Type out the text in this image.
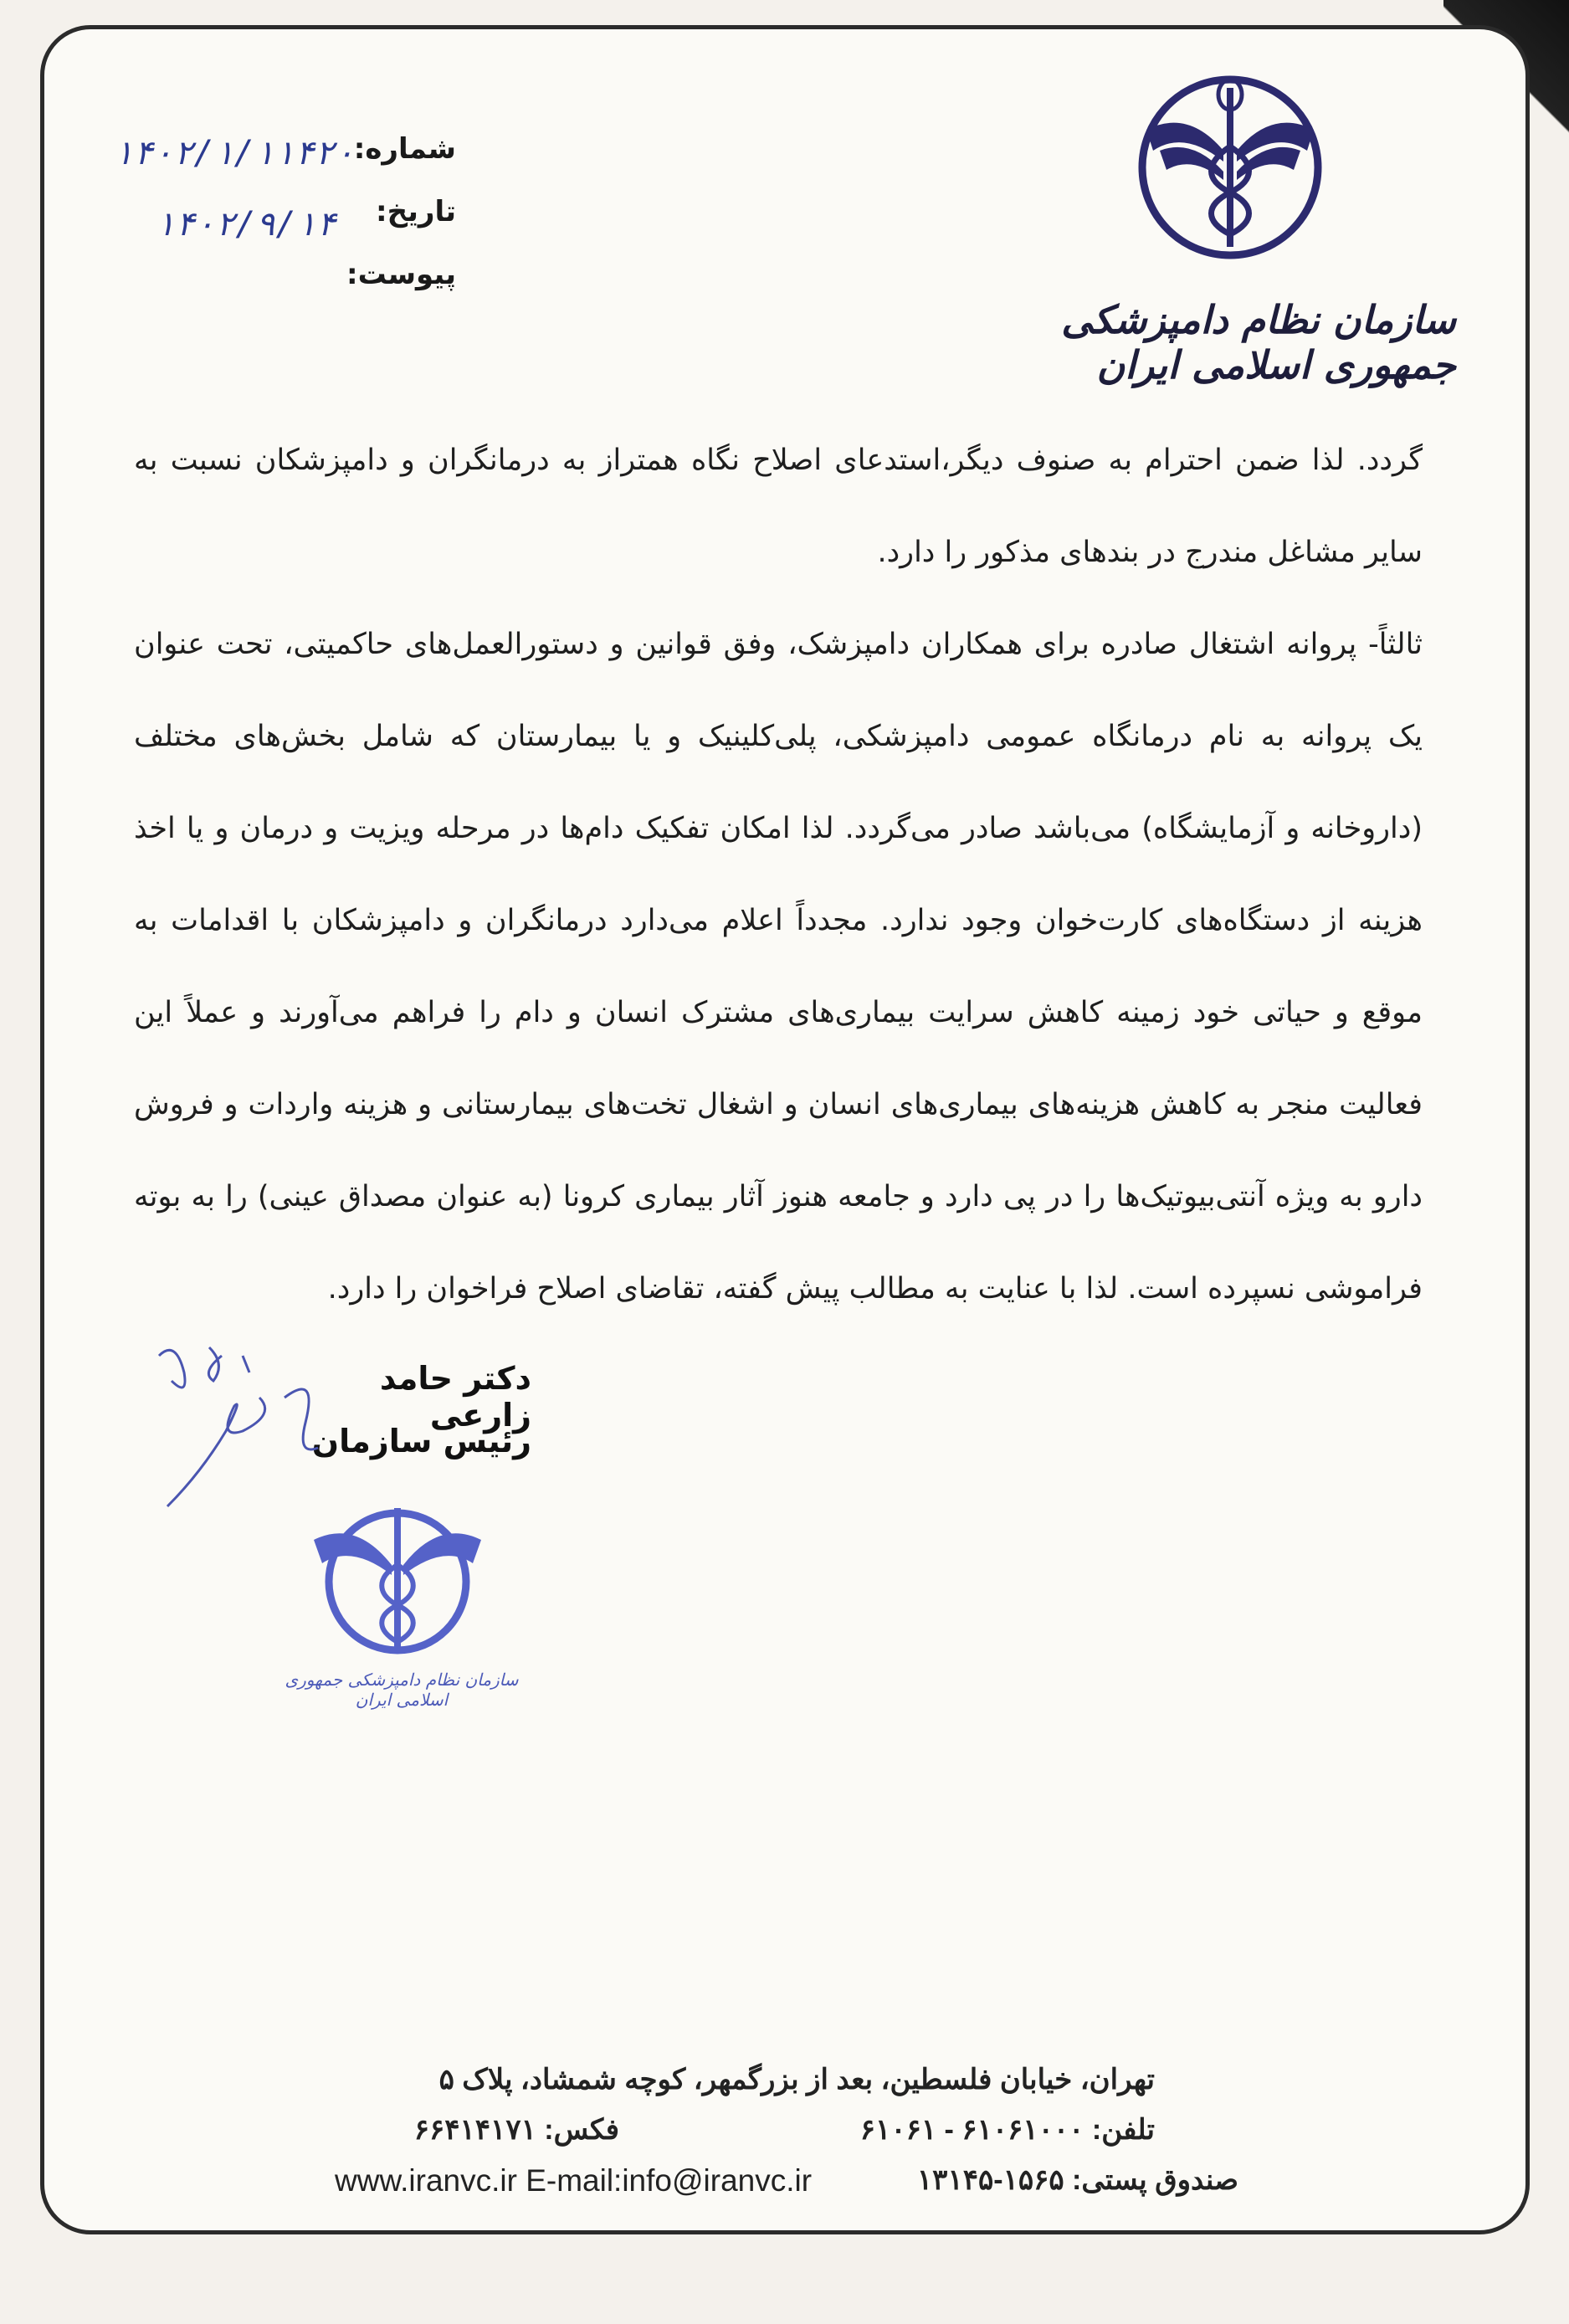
سازمان نظام دامپزشکی جمهوری اسلامی ایران
شماره:
تاریخ:
پیوست:
۱۴۰۲/۱/۱۱۴۲۰
۱۴۰۲/۹/۱۴

گردد. لذا ضمن احترام به صنوف دیگر،استدعای اصلاح نگاه همتراز به درمانگران و دامپزشکان نسبت به سایر مشاغل مندرج در بندهای مذکور را دارد.

ثالثاً- پروانه اشتغال صادره برای همکاران دامپزشک، وفق قوانین و دستورالعمل‌های حاکمیتی، تحت عنوان یک پروانه به نام درمانگاه عمومی دامپزشکی، پلی‌کلینیک و یا بیمارستان که شامل بخش‌های مختلف (داروخانه و آزمایشگاه) می‌باشد صادر می‌گردد. لذا امکان تفکیک دام‌ها در مرحله ویزیت و درمان و یا اخذ هزینه از دستگاه‌های کارت‌خوان وجود ندارد. مجدداً اعلام می‌دارد درمانگران و دامپزشکان با اقدامات به موقع و حیاتی خود زمینه کاهش سرایت بیماری‌های مشترک انسان و دام را فراهم می‌آورند و عملاً این فعالیت منجر به کاهش هزینه‌های بیماری‌های انسان و اشغال تخت‌های بیمارستانی و هزینه واردات و فروش دارو به ویژه آنتی‌بیوتیک‌ها را در پی دارد و جامعه هنوز آثار بیماری کرونا (به عنوان مصداق عینی) را به بوته فراموشی نسپرده است. لذا با عنایت به مطالب پیش گفته، تقاضای اصلاح فراخوان را دارد.

دکتر حامد زارعی
رئیس سازمان
سازمان نظام دامپزشکی جمهوری اسلامی ایران
تهران، خیابان فلسطین، بعد از بزرگمهر، کوچه شمشاد، پلاک ۵
تلفن: ۶۱۰۶۱۰۰۰ - ۶۱۰۶۱
فکس: ۶۶۴۱۴۱۷۱
صندوق پستی: ۱۵۶۵-۱۳۱۴۵
www.iranvc.ir E-mail:info@iranvc.ir
